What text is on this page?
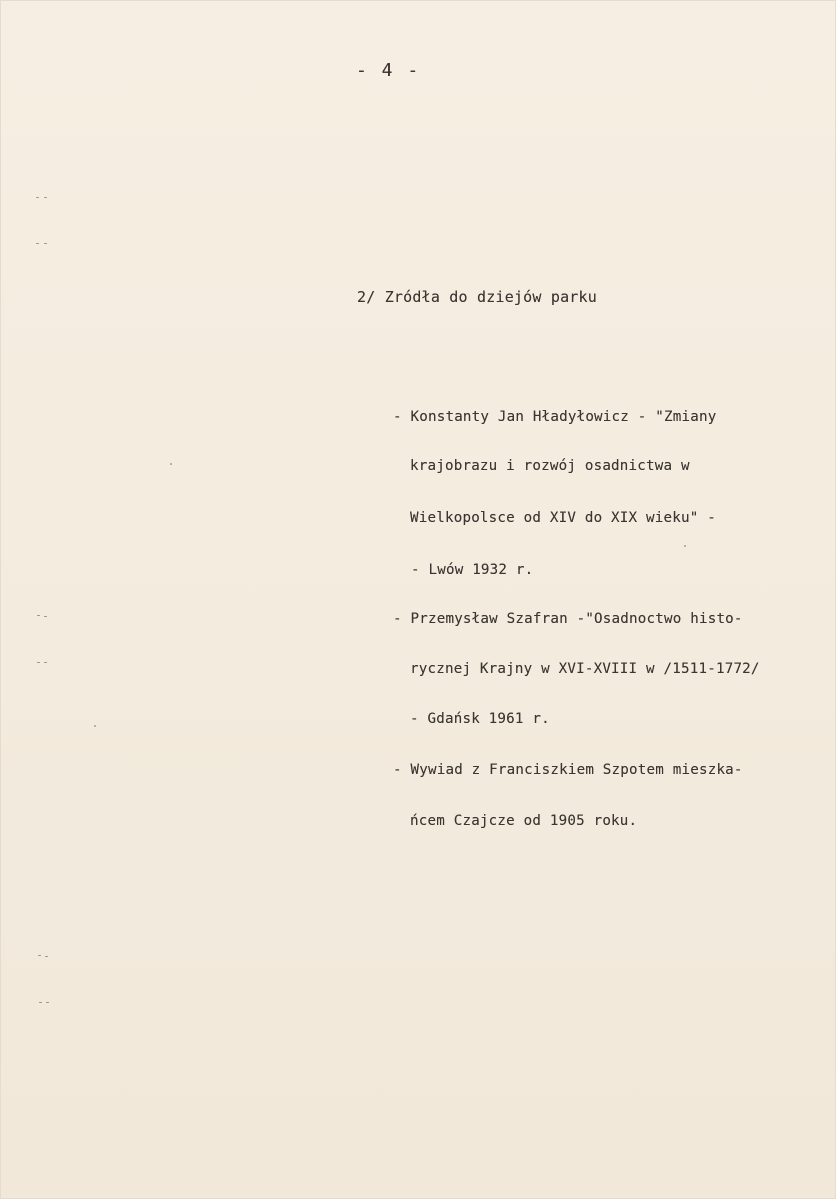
- 4 -
2/ Zródła do dziejów parku
- Konstanty Jan Hładyłowicz - "Zmiany
krajobrazu i rozwój osadnictwa w
Wielkopolsce od XIV do XIX wieku" -
- Lwów 1932 r.
- Przemysław Szafran -"Osadnoctwo histo-
rycznej Krajny w XVI-XVIII w /1511-1772/
- Gdańsk 1961 r.
- Wywiad z Franciszkiem Szpotem mieszka-
ńcem Czajcze od 1905 roku.
